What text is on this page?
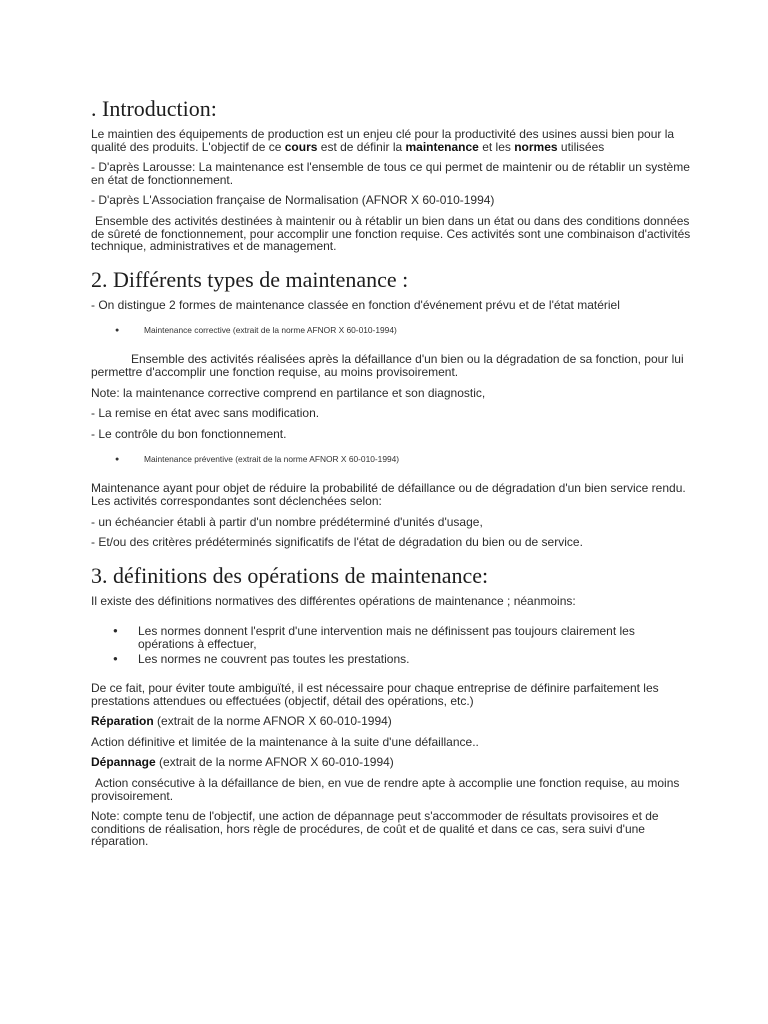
. Introduction:

Le maintien des équipements de production est un enjeu clé pour la productivité des usines aussi bien pour la qualité des produits. L'objectif de ce cours est de définir la maintenance et les normes utilisées

- D'après Larousse: La maintenance est l'ensemble de tous ce qui permet de maintenir ou de rétablir un système en état de fonctionnement.

- D'après L'Association française de Normalisation (AFNOR X 60-010-1994)

Ensemble des activités destinées à maintenir ou à rétablir un bien dans un état ou dans des conditions données de sûreté de fonctionnement, pour accomplir une fonction requise. Ces activités sont une combinaison d'activités technique, administratives et de management.

2. Différents types de maintenance :

- On distingue 2 formes de maintenance classée en fonction d'événement prévu et de l'état matériel

●	Maintenance corrective (extrait de la norme AFNOR X 60-010-1994)

Ensemble des activités réalisées après la défaillance d'un bien ou la dégradation de sa fonction, pour lui permettre d'accomplir une fonction requise, au moins provisoirement.

Note: la maintenance corrective comprend en partilance et son diagnostic,

- La remise en état avec sans modification.

- Le contrôle du bon fonctionnement.

●	Maintenance préventive (extrait de la norme AFNOR X 60-010-1994)

Maintenance ayant pour objet de réduire la probabilité de défaillance ou de dégradation d'un bien service rendu. Les activités correspondantes sont déclenchées selon:

- un échéancier établi à partir d'un nombre prédéterminé d'unités d'usage,

- Et/ou des critères prédéterminés significatifs de l'état de dégradation du bien ou de service.

3. définitions des opérations de maintenance:

Il existe des définitions normatives des différentes opérations de maintenance ; néanmoins:

● Les normes donnent l'esprit d'une intervention mais ne définissent pas toujours clairement les opérations à effectuer,
● Les normes ne couvrent pas toutes les prestations.

De ce fait, pour éviter toute ambiguïté, il est nécessaire pour chaque entreprise de définire parfaitement les prestations attendues ou effectuées (objectif, détail des opérations, etc.)

Réparation (extrait de la norme AFNOR X 60-010-1994)

Action définitive et limitée de la maintenance à la suite d'une défaillance..

Dépannage (extrait de la norme AFNOR X 60-010-1994)

Action consécutive à la défaillance de bien, en vue de rendre apte à accomplie une fonction requise, au moins provisoirement.

Note: compte tenu de l'objectif, une action de dépannage peut s'accommoder de résultats provisoires et de conditions de réalisation, hors règle de procédures, de coût et de qualité et dans ce cas, sera suivi d'une réparation.
